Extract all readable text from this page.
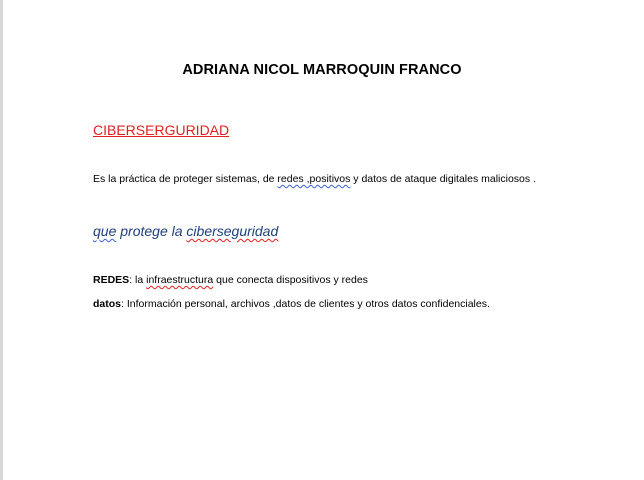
ADRIANA NICOL MARROQUIN FRANCO
CIBERSERGURIDAD
Es la práctica de proteger sistemas, de redes ,positivos y datos de ataque digitales maliciosos .
que protege la ciberseguridad
REDES: la infraestructura que conecta dispositivos y redes
datos: Información personal, archivos ,datos de clientes y otros datos confidenciales.
